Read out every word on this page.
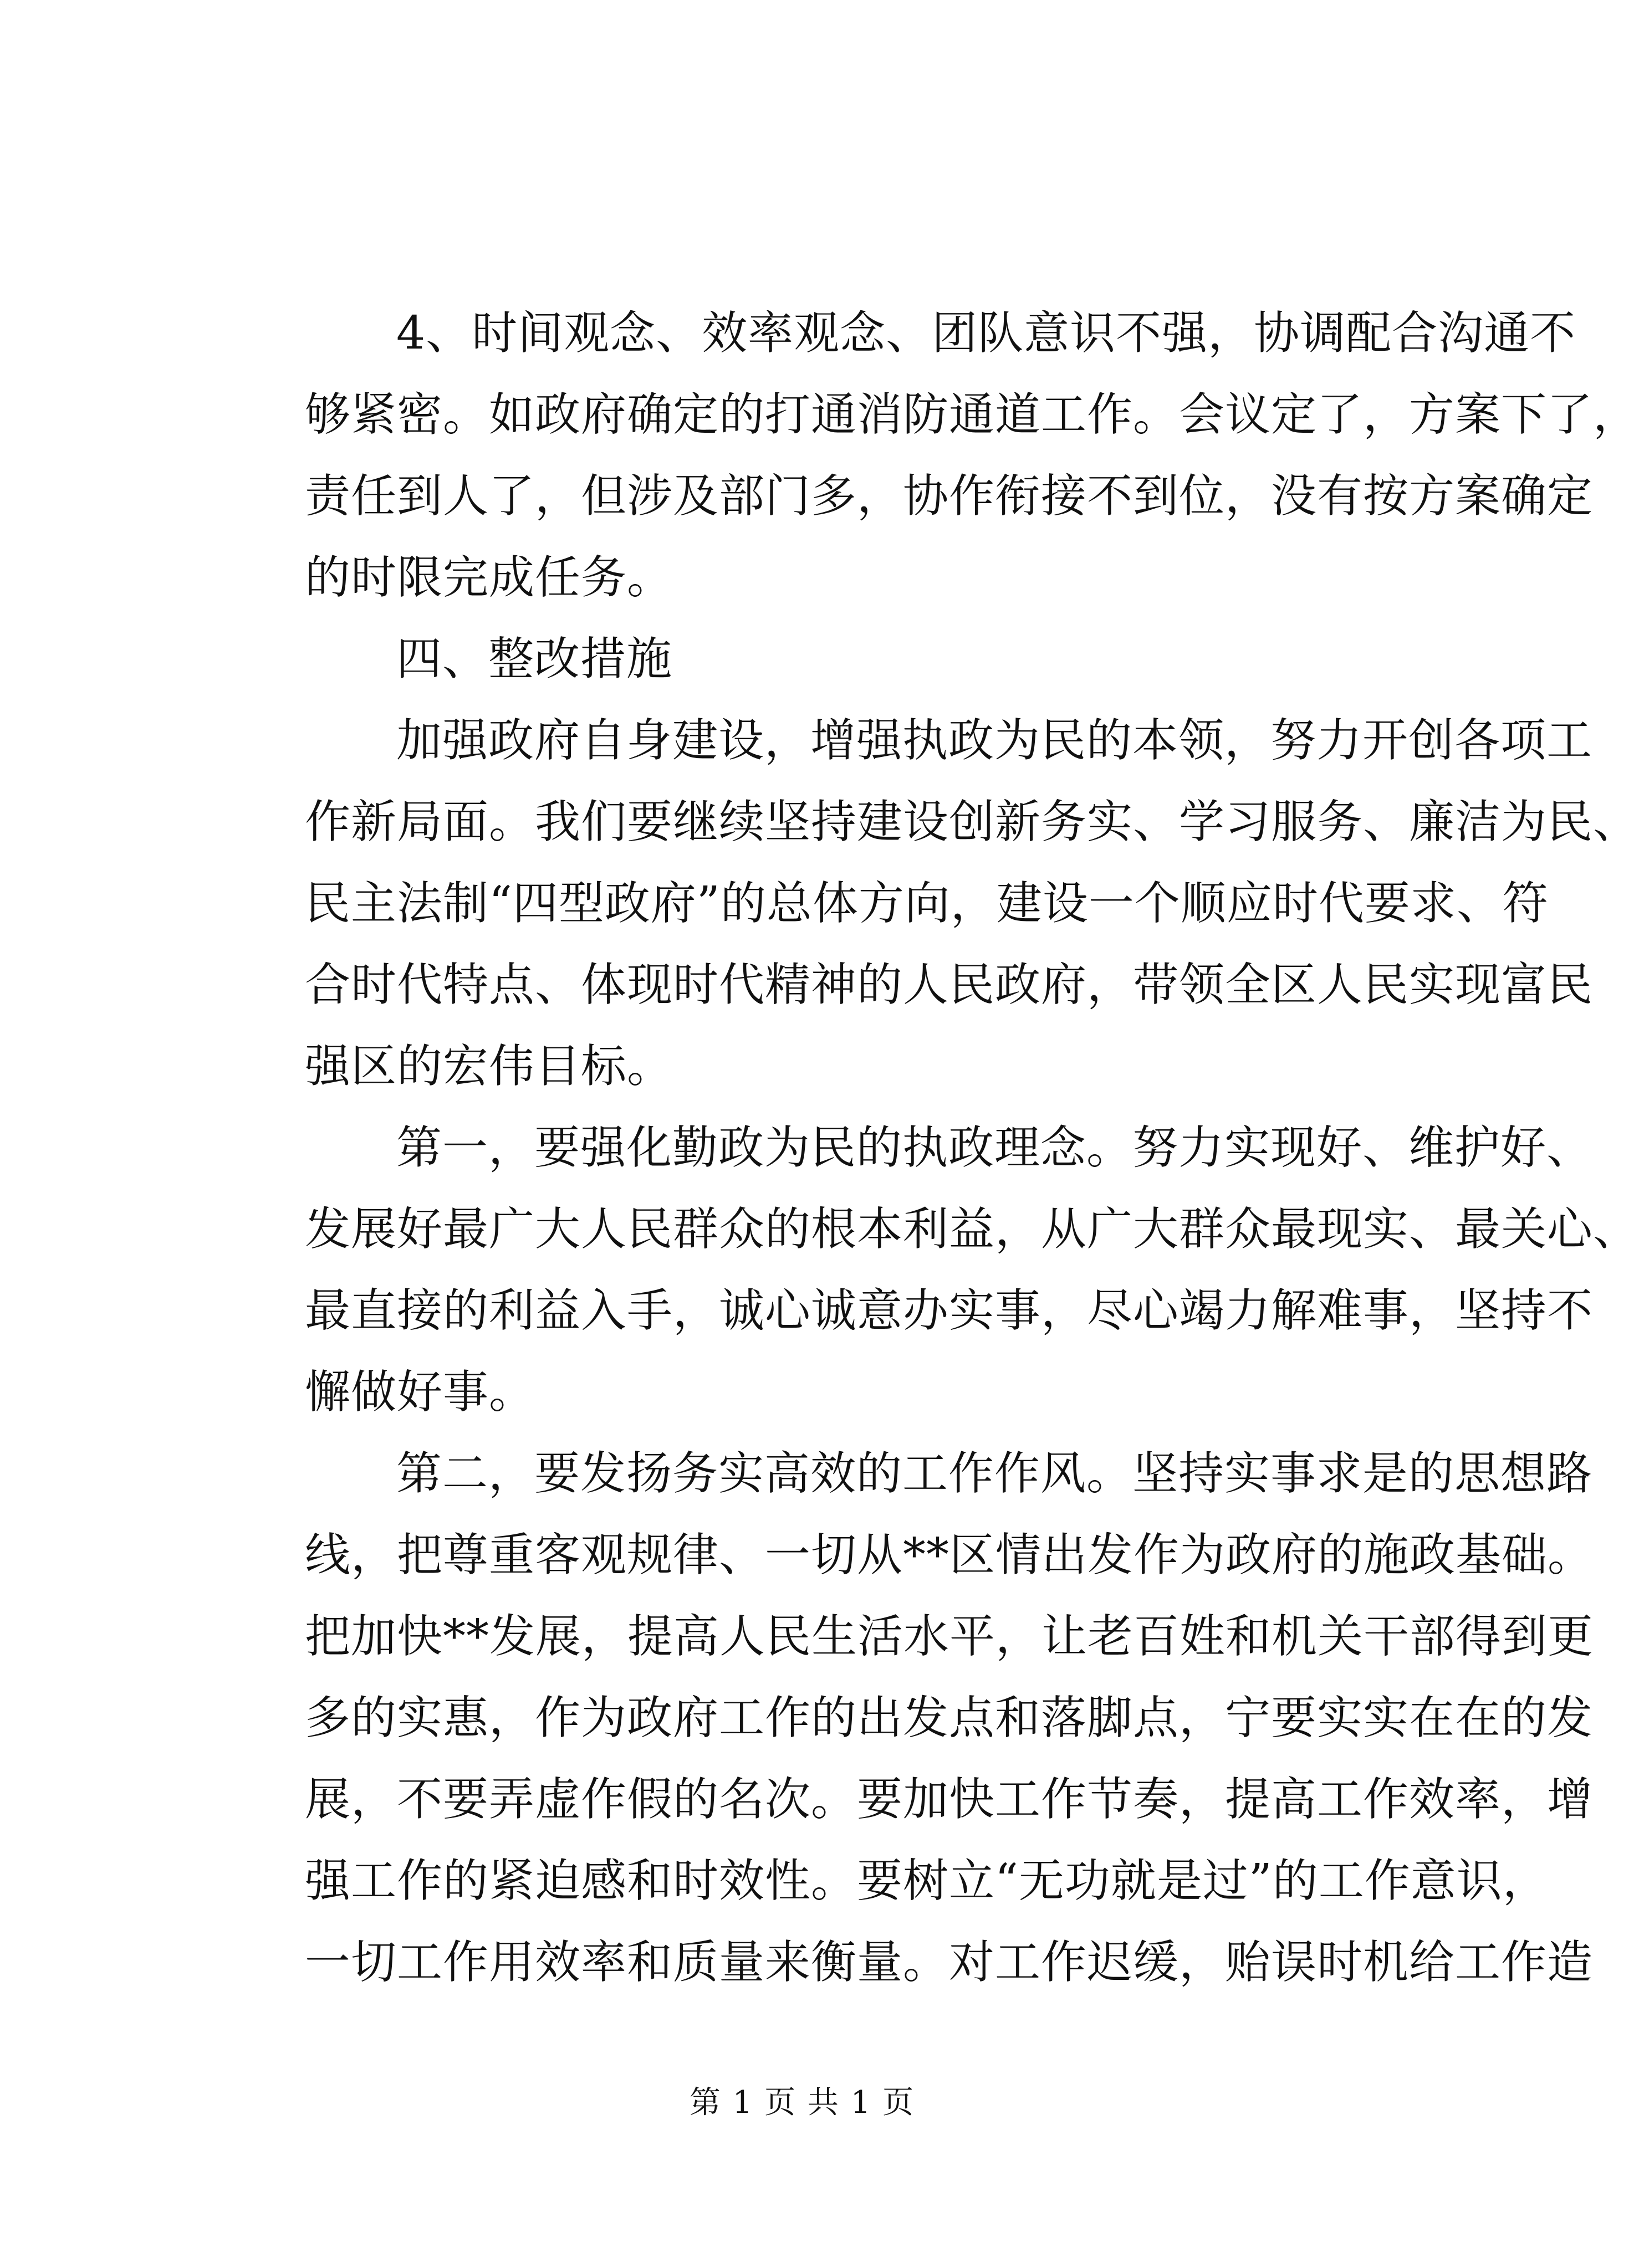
4、时间观念、效率观念、团队意识不强，协调配合沟通不
够紧密。如政府确定的打通消防通道工作。会议定了，方案下了，
责任到人了，但涉及部门多，协作衔接不到位，没有按方案确定
的时限完成任务。
四、整改措施
加强政府自身建设，增强执政为民的本领，努力开创各项工
作新局面。我们要继续坚持建设创新务实、学习服务、廉洁为民、
民主法制“四型政府”的总体方向，建设一个顺应时代要求、符
合时代特点、体现时代精神的人民政府，带领全区人民实现富民
强区的宏伟目标。
第一，要强化勤政为民的执政理念。努力实现好、维护好、
发展好最广大人民群众的根本利益，从广大群众最现实、最关心、
最直接的利益入手，诚心诚意办实事，尽心竭力解难事，坚持不
懈做好事。
第二，要发扬务实高效的工作作风。坚持实事求是的思想路
线，把尊重客观规律、一切从**区情出发作为政府的施政基础。
把加快**发展，提高人民生活水平，让老百姓和机关干部得到更
多的实惠，作为政府工作的出发点和落脚点，宁要实实在在的发
展，不要弄虚作假的名次。要加快工作节奏，提高工作效率，增
强工作的紧迫感和时效性。要树立“无功就是过”的工作意识，
一切工作用效率和质量来衡量。对工作迟缓，贻误时机给工作造
第 1 页 共 1 页
